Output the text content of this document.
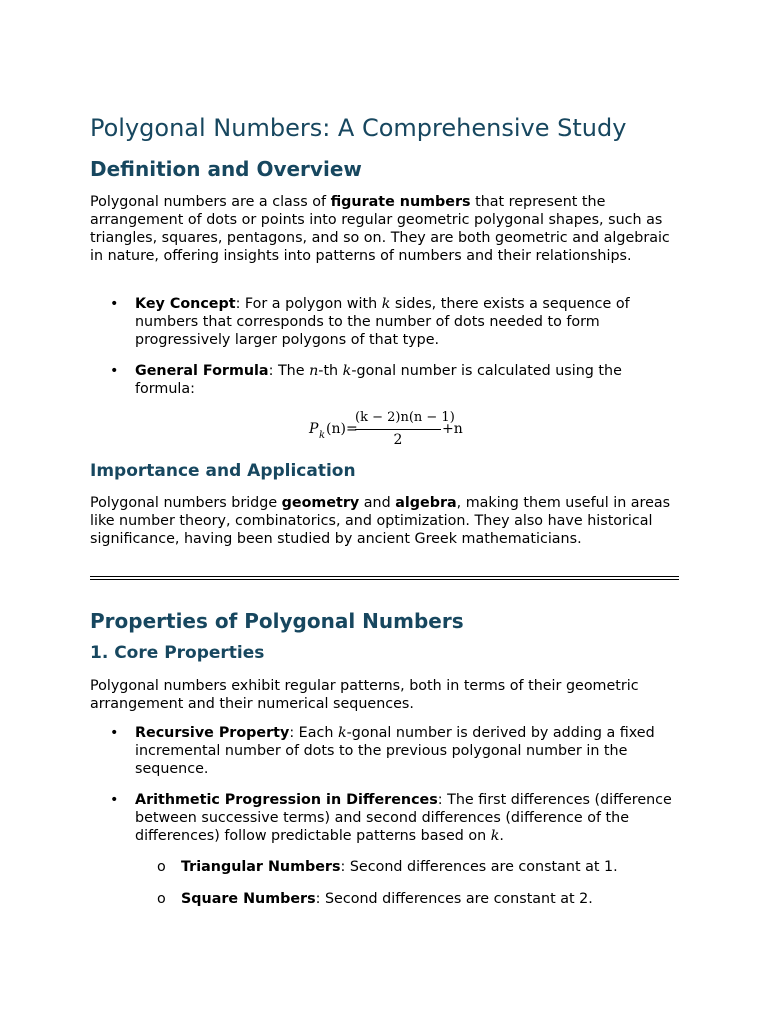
Polygonal Numbers: A Comprehensive Study
Definition and Overview

Polygonal numbers are a class of figurate numbers that represent the arrangement of dots or points into regular geometric polygonal shapes, such as triangles, squares, pentagons, and so on. They are both geometric and algebraic in nature, offering insights into patterns of numbers and their relationships.

• Key Concept: For a polygon with k sides, there exists a sequence of numbers that corresponds to the number of dots needed to form progressively larger polygons of that type.
• General Formula: The n-th k-gonal number is calculated using the formula:
P k (n)=
(k − 2)n(n − 1)
2
+n
Importance and Application

Polygonal numbers bridge geometry and algebra, making them useful in areas like number theory, combinatorics, and optimization. They also have historical significance, having been studied by ancient Greek mathematicians.

Properties of Polygonal Numbers
1. Core Properties

Polygonal numbers exhibit regular patterns, both in terms of their geometric arrangement and their numerical sequences.

• Recursive Property: Each k-gonal number is derived by adding a fixed incremental number of dots to the previous polygonal number in the sequence.
• Arithmetic Progression in Differences: The first differences (difference between successive terms) and second differences (difference of the differences) follow predictable patterns based on k.
o Triangular Numbers: Second differences are constant at 1.
o Square Numbers: Second differences are constant at 2.
